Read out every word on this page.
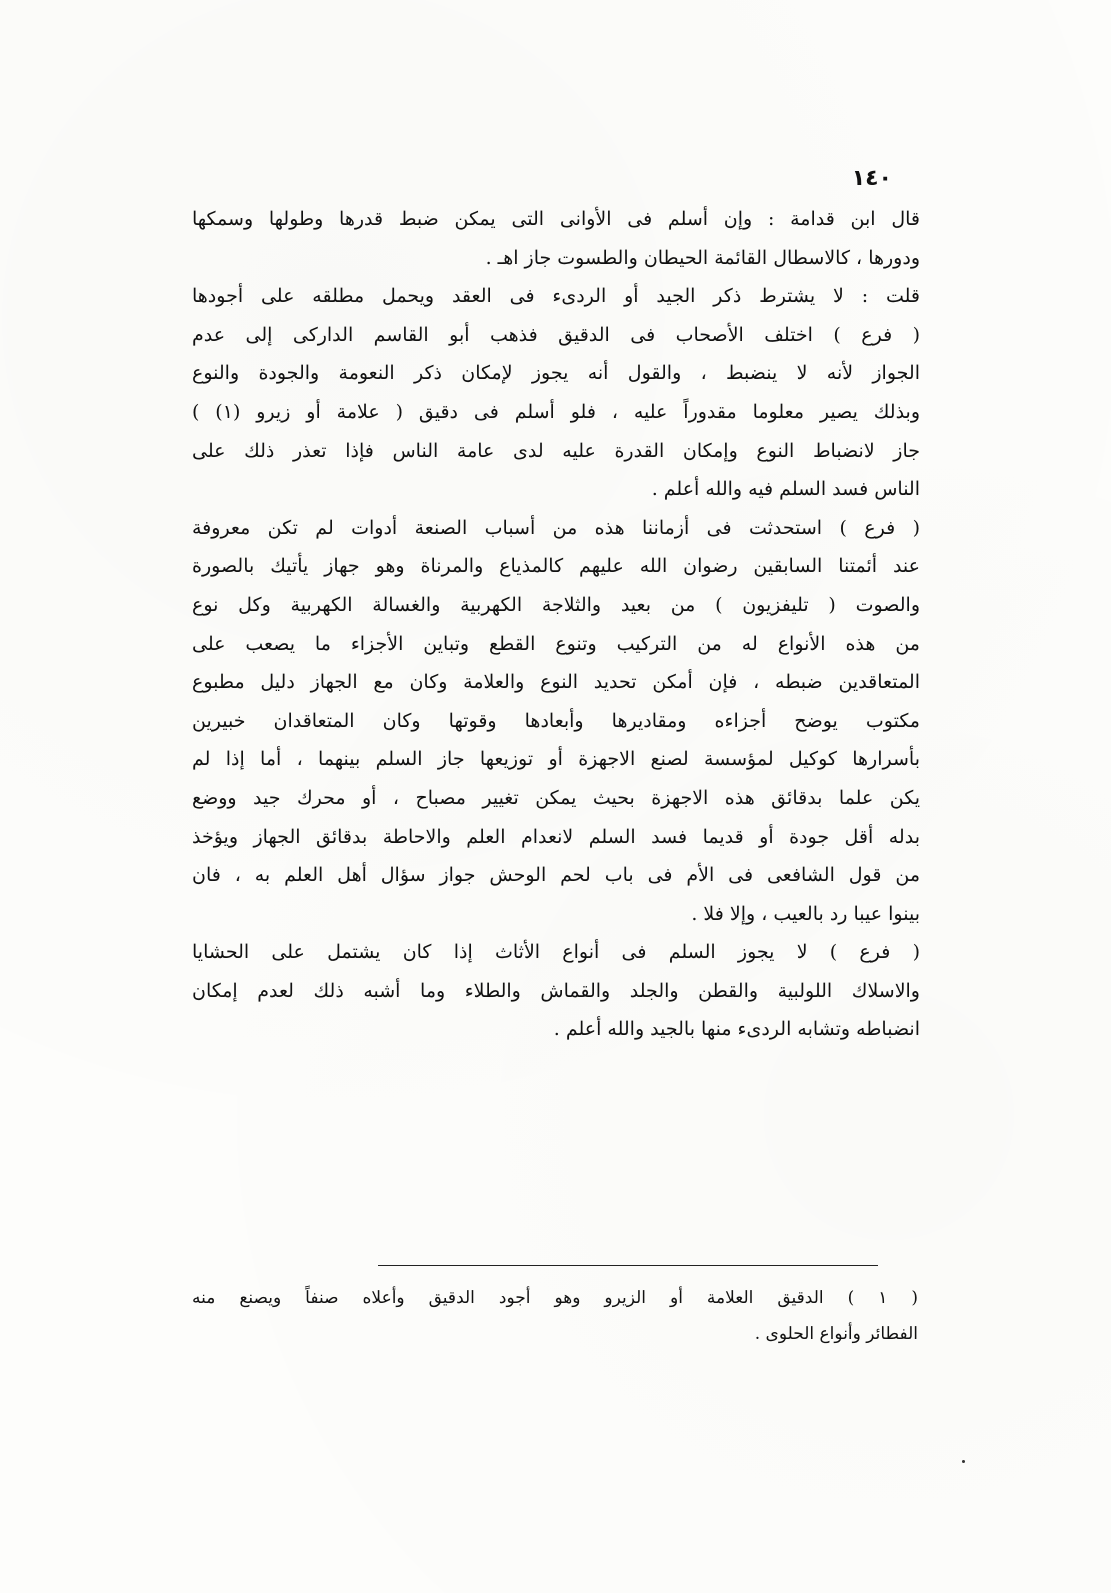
١٤٠
قال ابن قدامة : وإن أسلم فى الأوانى التى يمكن ضبط قدرها وطولها وسمكها
ودورها ، كالاسطال القائمة الحيطان والطسوت جاز اهـ .
قلت : لا يشترط ذكر الجيد أو الردىء فى العقد ويحمل مطلقه على أجودها
( فرع ) اختلف الأصحاب فى الدقيق فذهب أبو القاسم الدارکى إلى عدم
الجواز لأنه لا ينضبط ، والقول أنه يجوز لإمكان ذكر النعومة والجودة والنوع
وبذلك يصير معلوما مقدوراً عليه ، فلو أسلم فى دقيق ( علامة أو زيرو (١) )
جاز لانضباط النوع وإمكان القدرة عليه لدى عامة الناس فإذا تعذر ذلك على
الناس فسد السلم فيه والله أعلم .
( فرع ) استحدثت فى أزماننا هذه من أسباب الصنعة أدوات لم تكن معروفة
عند أئمتنا السابقين رضوان الله عليهم كالمذياع والمرناة وهو جهاز يأتيك بالصورة
والصوت ( تليفزيون ) من بعيد والثلاجة الكهربية والغسالة الكهربية وكل نوع
من هذه الأنواع له من التركيب وتنوع القطع وتباين الأجزاء ما يصعب على
المتعاقدين ضبطه ، فإن أمكن تحديد النوع والعلامة وكان مع الجهاز دليل مطبوع
مكتوب يوضح أجزاءه ومقاديرها وأبعادها وقوتها وكان المتعاقدان خبيرين
بأسرارها كوكيل لمؤسسة لصنع الاجهزة أو توزيعها جاز السلم بينهما ، أما إذا لم
يكن علما بدقائق هذه الاجهزة بحيث يمكن تغيير مصباح ، أو محرك جيد ووضع
بدله أقل جودة أو قديما فسد السلم لانعدام العلم والاحاطة بدقائق الجهاز ويؤخذ
من قول الشافعى فى الأم فى باب لحم الوحش جواز سؤال أهل العلم به ، فان
بينوا عيبا رد بالعيب ، وإلا فلا .
( فرع ) لا يجوز السلم فى أنواع الأثاث إذا كان يشتمل على الحشايا
والاسلاك اللولبية والقطن والجلد والقماش والطلاء وما أشبه ذلك لعدم إمكان
انضباطه وتشابه الردىء منها بالجيد والله أعلم .
( ١ ) الدقيق العلامة أو الزيرو وهو أجود الدقيق وأعلاه صنفاً ويصنع منه
الفطائر وأنواع الحلوى .
